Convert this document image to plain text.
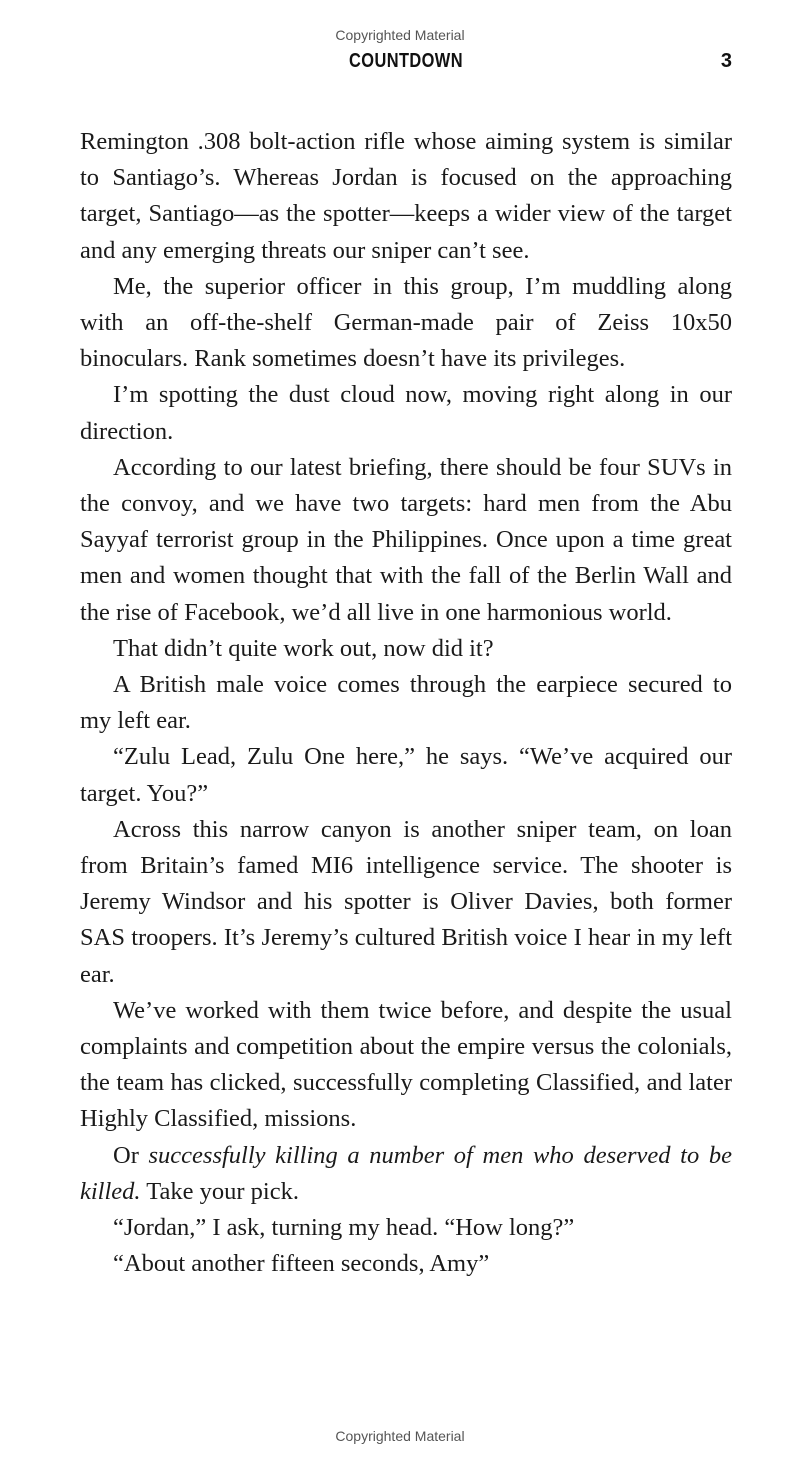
Copyrighted Material
COUNTDOWN	3

Remington .308 bolt-action rifle whose aiming system is similar to Santiago’s. Whereas Jordan is focused on the approaching target, Santiago—as the spotter—keeps a wider view of the target and any emerging threats our sniper can’t see.

Me, the superior officer in this group, I’m muddling along with an off-the-shelf German-made pair of Zeiss 10x50 binoculars. Rank sometimes doesn’t have its privileges.

I’m spotting the dust cloud now, moving right along in our direction.

According to our latest briefing, there should be four SUVs in the convoy, and we have two targets: hard men from the Abu Sayyaf terrorist group in the Philippines. Once upon a time great men and women thought that with the fall of the Berlin Wall and the rise of Facebook, we’d all live in one harmonious world.

That didn’t quite work out, now did it?

A British male voice comes through the earpiece secured to my left ear.

“Zulu Lead, Zulu One here,” he says. “We’ve acquired our target. You?”

Across this narrow canyon is another sniper team, on loan from Britain’s famed MI6 intelligence service. The shooter is Jeremy Windsor and his spotter is Oliver Davies, both former SAS troopers. It’s Jeremy’s cultured British voice I hear in my left ear.

We’ve worked with them twice before, and despite the usual complaints and competition about the empire versus the colonials, the team has clicked, successfully completing Classified, and later Highly Classified, missions.

Or successfully killing a number of men who deserved to be killed. Take your pick.

“Jordan,” I ask, turning my head. “How long?”

“About another fifteen seconds, Amy”

Copyrighted Material
